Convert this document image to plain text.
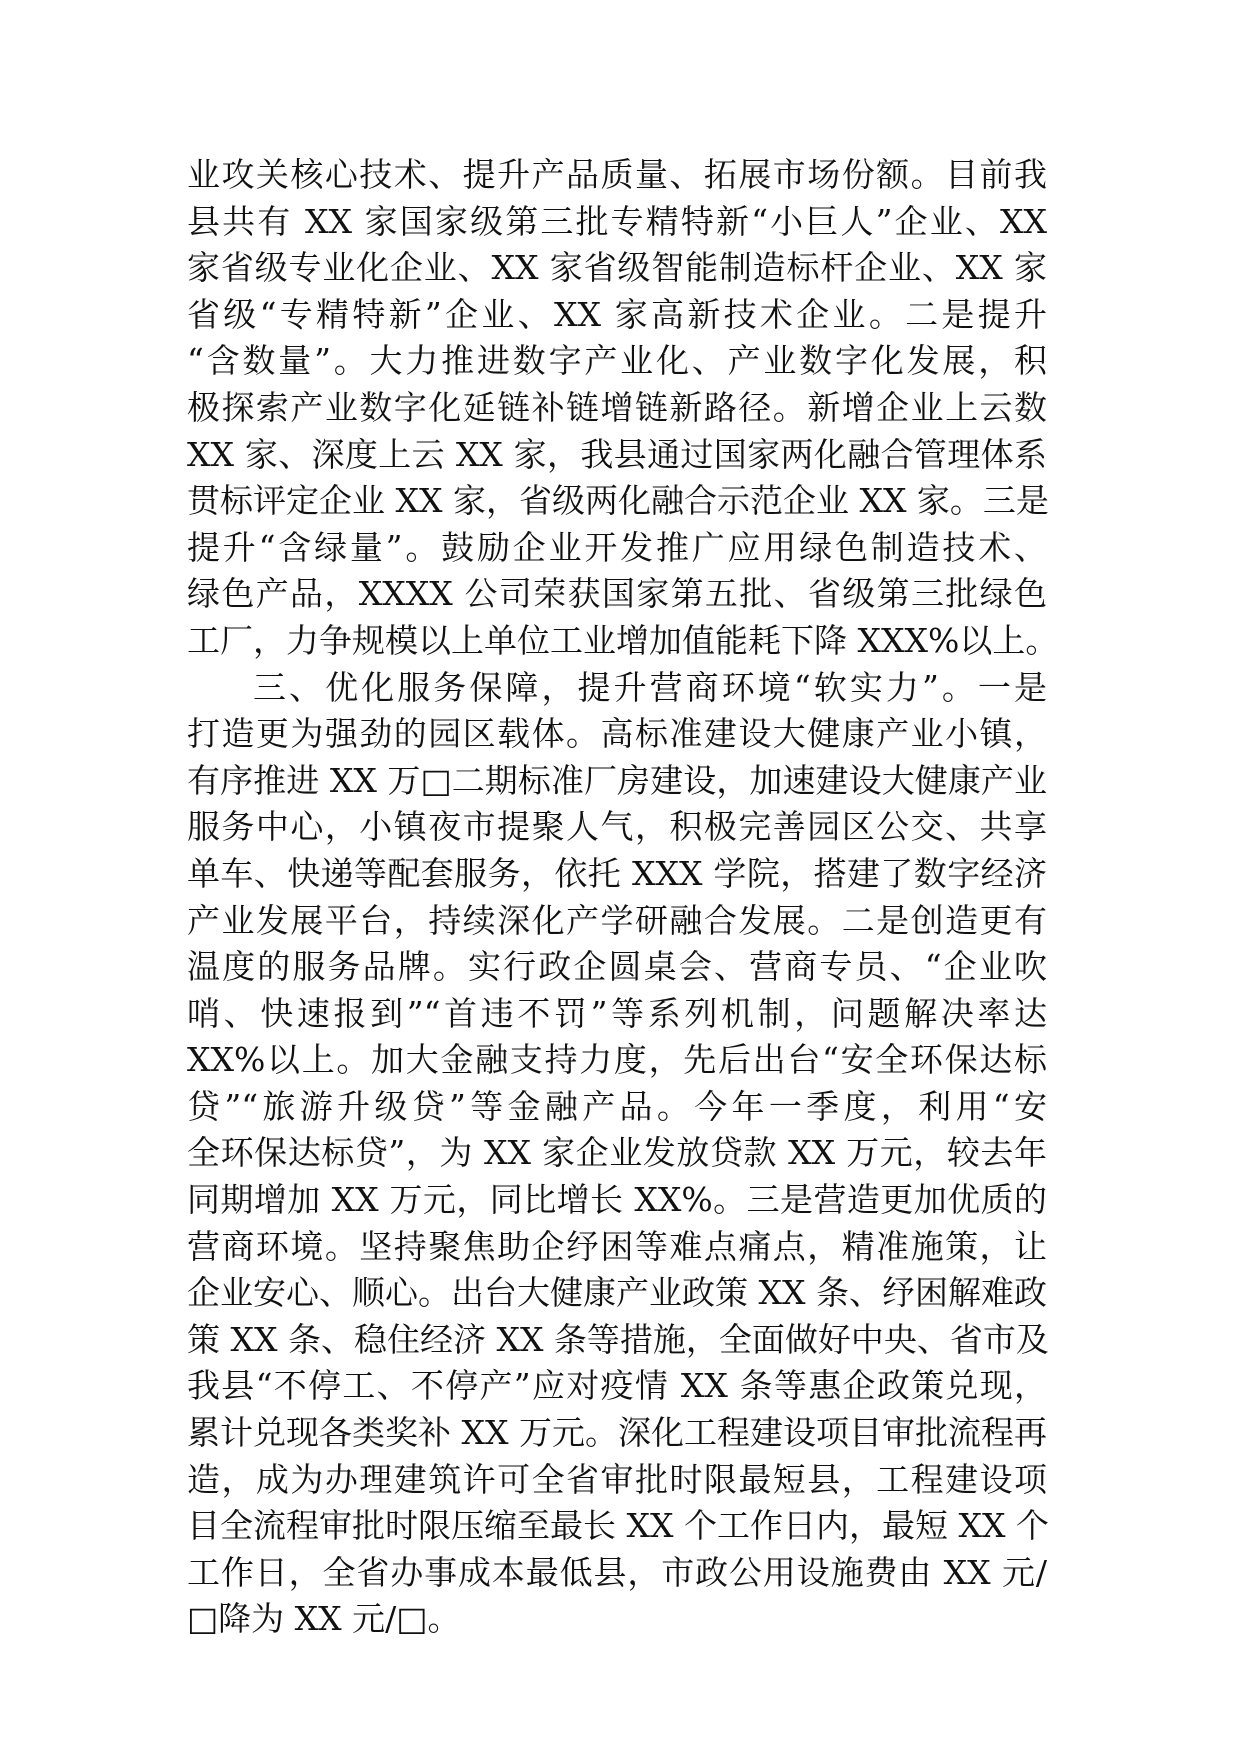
业攻关核心技术、提升产品质量、拓展市场份额。目前我
县共有 XX 家国家级第三批专精特新“小巨人”企业、XX
家省级专业化企业、XX 家省级智能制造标杆企业、XX 家
省级“专精特新”企业、XX 家高新技术企业。二是提升
“含数量”。大力推进数字产业化、产业数字化发展，积
极探索产业数字化延链补链增链新路径。新增企业上云数
XX 家、深度上云 XX 家，我县通过国家两化融合管理体系
贯标评定企业 XX 家，省级两化融合示范企业 XX 家。三是
提升“含绿量”。鼓励企业开发推广应用绿色制造技术、
绿色产品，XXXX 公司荣获国家第五批、省级第三批绿色
工厂，力争规模以上单位工业增加值能耗下降 XXX%以上。
三、优化服务保障，提升营商环境“软实力”。一是
打造更为强劲的园区载体。高标准建设大健康产业小镇，
有序推进 XX 万□二期标准厂房建设，加速建设大健康产业
服务中心，小镇夜市提聚人气，积极完善园区公交、共享
单车、快递等配套服务，依托 XXX 学院，搭建了数字经济
产业发展平台，持续深化产学研融合发展。二是创造更有
温度的服务品牌。实行政企圆桌会、营商专员、“企业吹
哨、快速报到”“首违不罚”等系列机制，问题解决率达
XX%以上。加大金融支持力度，先后出台“安全环保达标
贷”“旅游升级贷”等金融产品。今年一季度，利用“安
全环保达标贷”，为 XX 家企业发放贷款 XX 万元，较去年
同期增加 XX 万元，同比增长 XX%。三是营造更加优质的
营商环境。坚持聚焦助企纾困等难点痛点，精准施策，让
企业安心、顺心。出台大健康产业政策 XX 条、纾困解难政
策 XX 条、稳住经济 XX 条等措施，全面做好中央、省市及
我县“不停工、不停产”应对疫情 XX 条等惠企政策兑现，
累计兑现各类奖补 XX 万元。深化工程建设项目审批流程再
造，成为办理建筑许可全省审批时限最短县，工程建设项
目全流程审批时限压缩至最长 XX 个工作日内，最短 XX 个
工作日，全省办事成本最低县，市政公用设施费由 XX 元/
□降为 XX 元/□。
